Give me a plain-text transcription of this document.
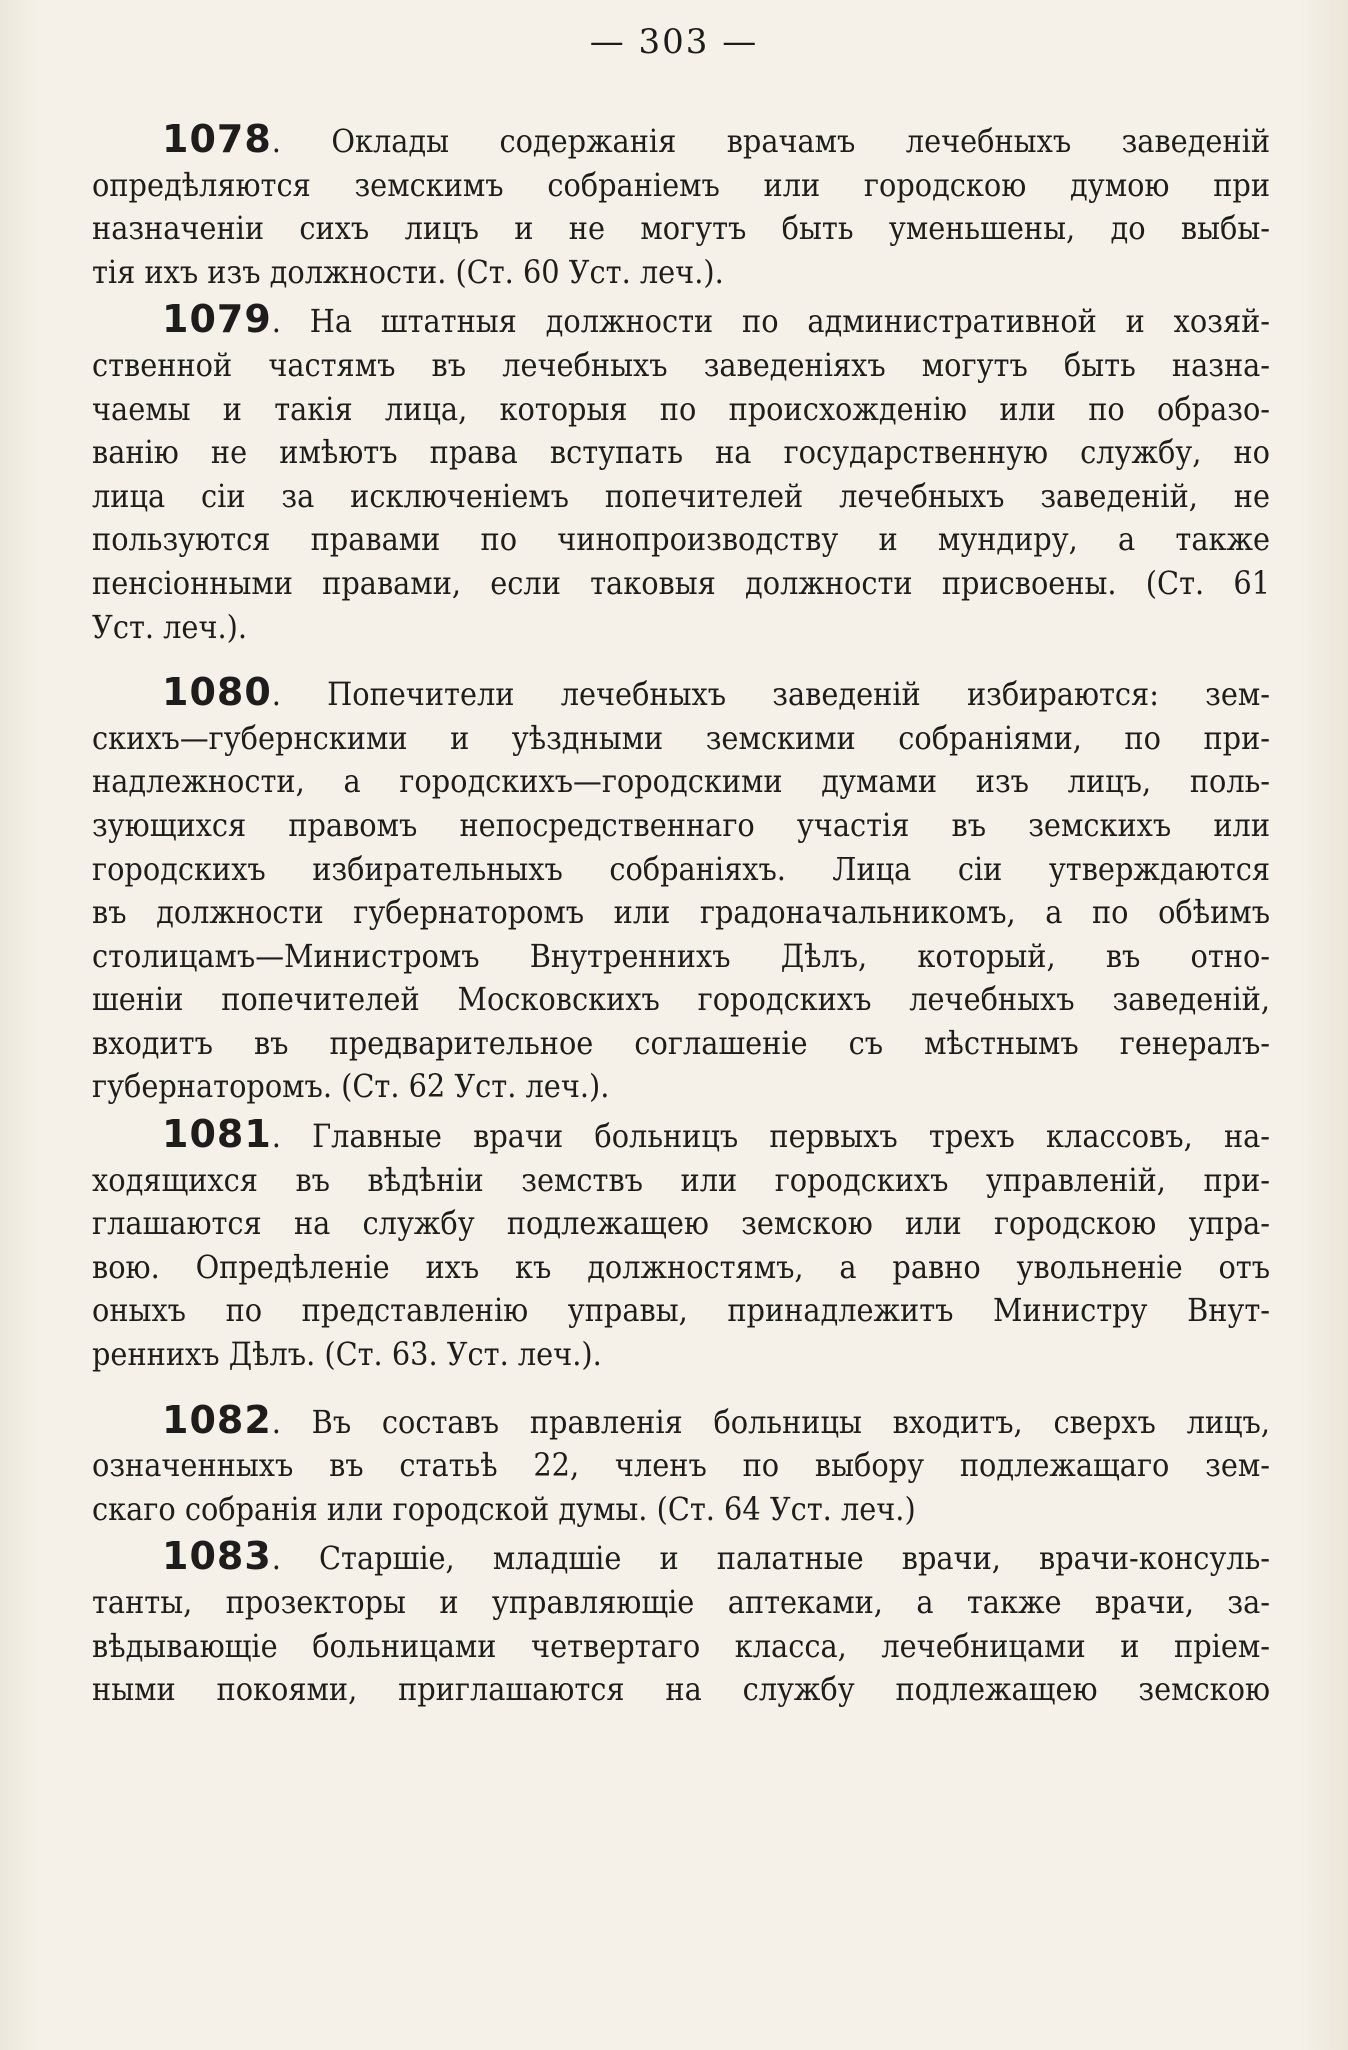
— 303 —
1078. Оклады содержанія врачамъ лечебныхъ заведеній
опредѣляются земскимъ собраніемъ или городскою думою при
назначеніи сихъ лицъ и не могутъ быть уменьшены, до выбы-
тія ихъ изъ должности. (Ст. 60 Уст. леч.).
1079. На штатныя должности по административной и хозяй-
ственной частямъ въ лечебныхъ заведеніяхъ могутъ быть назна-
чаемы и такія лица, которыя по происхожденію или по образо-
ванію не имѣютъ права вступать на государственную службу, но
лица сіи за исключеніемъ попечителей лечебныхъ заведеній, не
пользуются правами по чинопроизводству и мундиру, а также
пенсіонными правами, если таковыя должности присвоены. (Ст. 61
Уст. леч.).
1080. Попечители лечебныхъ заведеній избираются: зем-
скихъ—губернскими и уѣздными земскими собраніями, по при-
надлежности, а городскихъ—городскими думами изъ лицъ, поль-
зующихся правомъ непосредственнаго участія въ земскихъ или
городскихъ избирательныхъ собраніяхъ. Лица сіи утверждаются
въ должности губернаторомъ или градоначальникомъ, а по обѣимъ
столицамъ—Министромъ Внутреннихъ Дѣлъ, который, въ отно-
шеніи попечителей Московскихъ городскихъ лечебныхъ заведеній,
входитъ въ предварительное соглашеніе съ мѣстнымъ генералъ-
губернаторомъ. (Ст. 62 Уст. леч.).
1081. Главные врачи больницъ первыхъ трехъ классовъ, на-
ходящихся въ вѣдѣніи земствъ или городскихъ управленій, при-
глашаются на службу подлежащею земскою или городскою упра-
вою. Опредѣленіе ихъ къ должностямъ, а равно увольненіе отъ
оныхъ по представленію управы, принадлежитъ Министру Внут-
реннихъ Дѣлъ. (Ст. 63. Уст. леч.).
1082. Въ составъ правленія больницы входитъ, сверхъ лицъ,
означенныхъ въ статьѣ 22, членъ по выбору подлежащаго зем-
скаго собранія или городской думы. (Ст. 64 Уст. леч.)
1083. Старшіе, младшіе и палатные врачи, врачи-консуль-
танты, прозекторы и управляющіе аптеками, а также врачи, за-
вѣдывающіе больницами четвертаго класса, лечебницами и пріем-
ными покоями, приглашаются на службу подлежащею земскою
